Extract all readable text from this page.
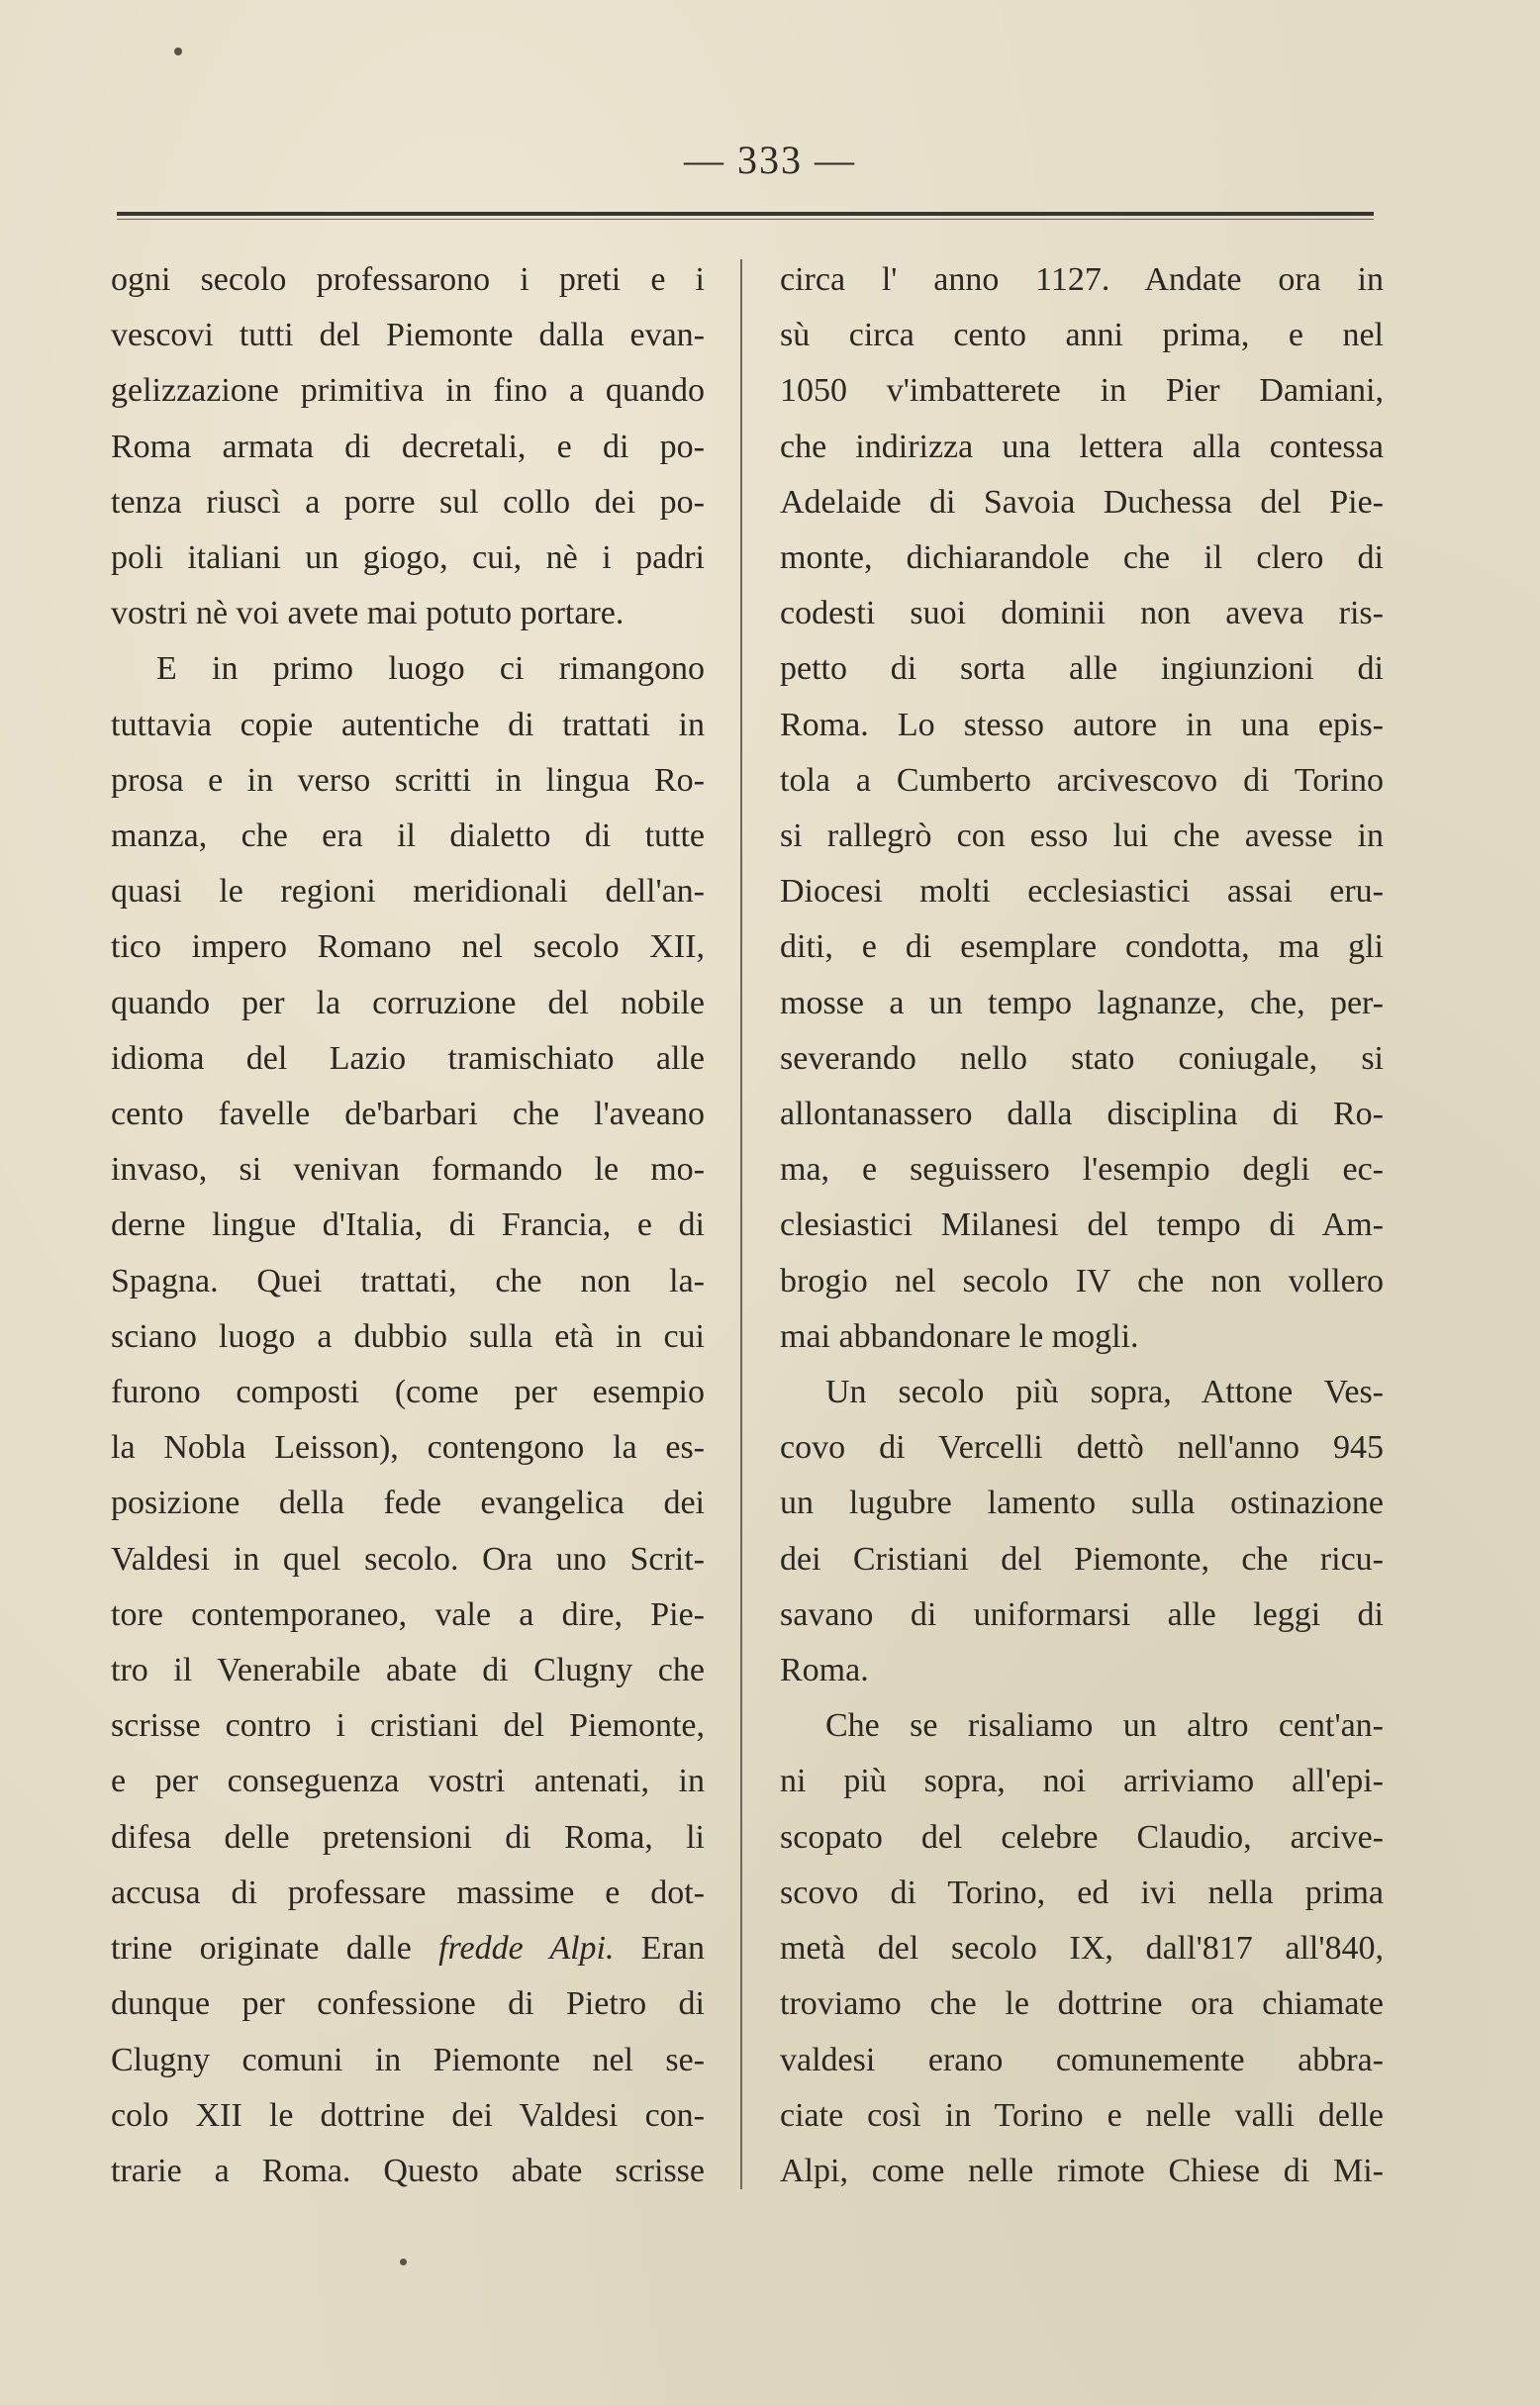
— 333 —
ogni secolo professarono i preti e i
vescovi tutti del Piemonte dalla evan-
gelizzazione primitiva in fino a quando
Roma armata di decretali, e di po-
tenza riuscì a porre sul collo dei po-
poli italiani un giogo, cui, nè i padri
vostri nè voi avete mai potuto portare.
E in primo luogo ci rimangono
tuttavia copie autentiche di trattati in
prosa e in verso scritti in lingua Ro-
manza, che era il dialetto di tutte
quasi le regioni meridionali dell'an-
tico impero Romano nel secolo XII,
quando per la corruzione del nobile
idioma del Lazio tramischiato alle
cento favelle de'barbari che l'aveano
invaso, si venivan formando le mo-
derne lingue d'Italia, di Francia, e di
Spagna. Quei trattati, che non la-
sciano luogo a dubbio sulla età in cui
furono composti (come per esempio
la Nobla Leisson), contengono la es-
posizione della fede evangelica dei
Valdesi in quel secolo. Ora uno Scrit-
tore contemporaneo, vale a dire, Pie-
tro il Venerabile abate di Clugny che
scrisse contro i cristiani del Piemonte,
e per conseguenza vostri antenati, in
difesa delle pretensioni di Roma, li
accusa di professare massime e dot-
trine originate dalle fredde Alpi. Eran
dunque per confessione di Pietro di
Clugny comuni in Piemonte nel se-
colo XII le dottrine dei Valdesi con-
trarie a Roma. Questo abate scrisse
circa l' anno 1127. Andate ora in
sù circa cento anni prima, e nel
1050 v'imbatterete in Pier Damiani,
che indirizza una lettera alla contessa
Adelaide di Savoia Duchessa del Pie-
monte, dichiarandole che il clero di
codesti suoi dominii non aveva ris-
petto di sorta alle ingiunzioni di
Roma. Lo stesso autore in una epis-
tola a Cumberto arcivescovo di Torino
si rallegrò con esso lui che avesse in
Diocesi molti ecclesiastici assai eru-
diti, e di esemplare condotta, ma gli
mosse a un tempo lagnanze, che, per-
severando nello stato coniugale, si
allontanassero dalla disciplina di Ro-
ma, e seguissero l'esempio degli ec-
clesiastici Milanesi del tempo di Am-
brogio nel secolo IV che non vollero
mai abbandonare le mogli.
Un secolo più sopra, Attone Ves-
covo di Vercelli dettò nell'anno 945
un lugubre lamento sulla ostinazione
dei Cristiani del Piemonte, che ricu-
savano di uniformarsi alle leggi di
Roma.
Che se risaliamo un altro cent'an-
ni più sopra, noi arriviamo all'epi-
scopato del celebre Claudio, arcive-
scovo di Torino, ed ivi nella prima
metà del secolo IX, dall'817 all'840,
troviamo che le dottrine ora chiamate
valdesi erano comunemente abbra-
ciate così in Torino e nelle valli delle
Alpi, come nelle rimote Chiese di Mi-
